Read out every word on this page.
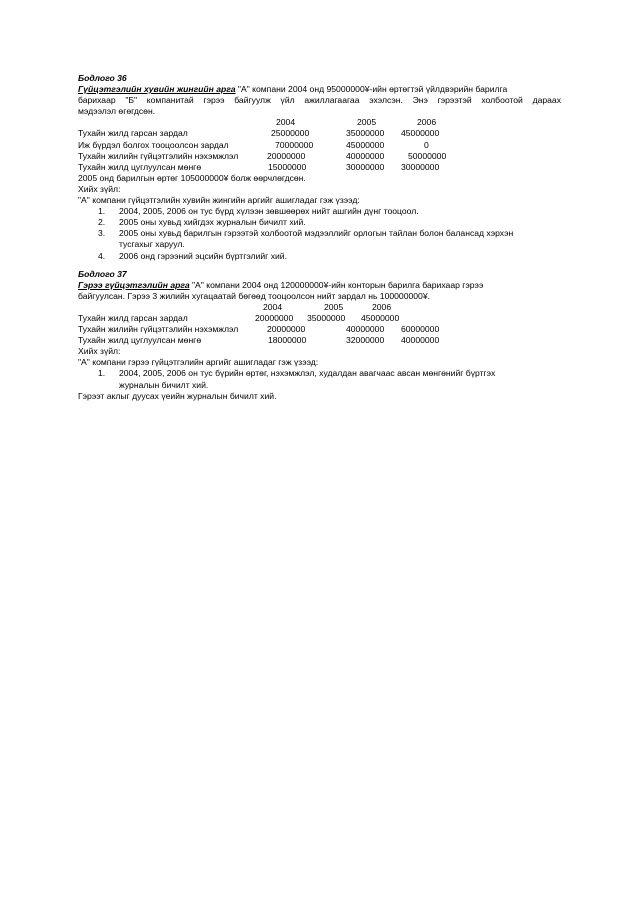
Бодлого 36
Гүйцэтгэлийн хувийн жингийн арга "А" компани 2004 онд 95000000¥-ийн өртөгтэй үйлдвэрийн барилга
барихаар "Б" компанитай гэрээ байгуулж үйл ажиллагаагаа эхэлсэн. Энэ гэрээтэй холбоотой дараах
мэдээлэл өгөгдсөн.
2004	2005	2006
Тухайн жилд гарсан зардал	25000000	35000000 45000000
Иж бүрдэл болгох тооцоолсон зардал	70000000	45000000	0
Тухайн жилийн гүйцэтгэлийн нэхэмжлэл	20000000	40000000	50000000
Тухайн жилд цуглуулсан мөнгө	15000000	30000000 30000000
2005 онд барилгын өртөг 105000000¥ болж өөрчлөгдсөн.
Хийх зүйл:
"А" компани гүйцэтгэлийн хувийн жингийн аргийг ашигладаг гэж үзээд:
1. 2004, 2005, 2006 он тус бүрд хүлээн зөвшөөрөх нийт ашгийн дүнг тооцоол.
2. 2005 оны хувьд хийгдэх журналын бичилт хий.
3. 2005 оны хувьд барилгын гэрээтэй холбоотой мэдээллийг орлогын тайлан болон балансад хэрхэн
тусгахыг харуул.
4. 2006 онд гэрээний эцсийн бүртгэлийг хий.
Бодлого 37
Гэрээ гүйцэтгэлийн арга "А" компани 2004 онд 120000000¥-ийн конторын барилга барихаар гэрээ
байгуулсан. Гэрээ 3 жилийн хугацаатай бөгөөд тооцоолсон нийт зардал нь 100000000¥.
2004	2005	2006
Тухайн жилд гарсан зардал	20000000 35000000 45000000
Тухайн жилийн гүйцэтгэлийн нэхэмжлэл	20000000	40000000 60000000
Тухайн жилд цуглуулсан мөнгө	18000000	32000000 40000000
Хийх зүйл:
"А" компани гэрээ гүйцэтгэлийн аргийг ашигладаг гэж үзээд:
1. 2004, 2005, 2006 он тус бүрийн өртөг, нэхэмжлэл, худалдан авагчаас авсан мөнгөнийг бүртгэх
журналын бичилт хий.
Гэрээт аклыг дуусах үеийн журналын бичилт хий.
